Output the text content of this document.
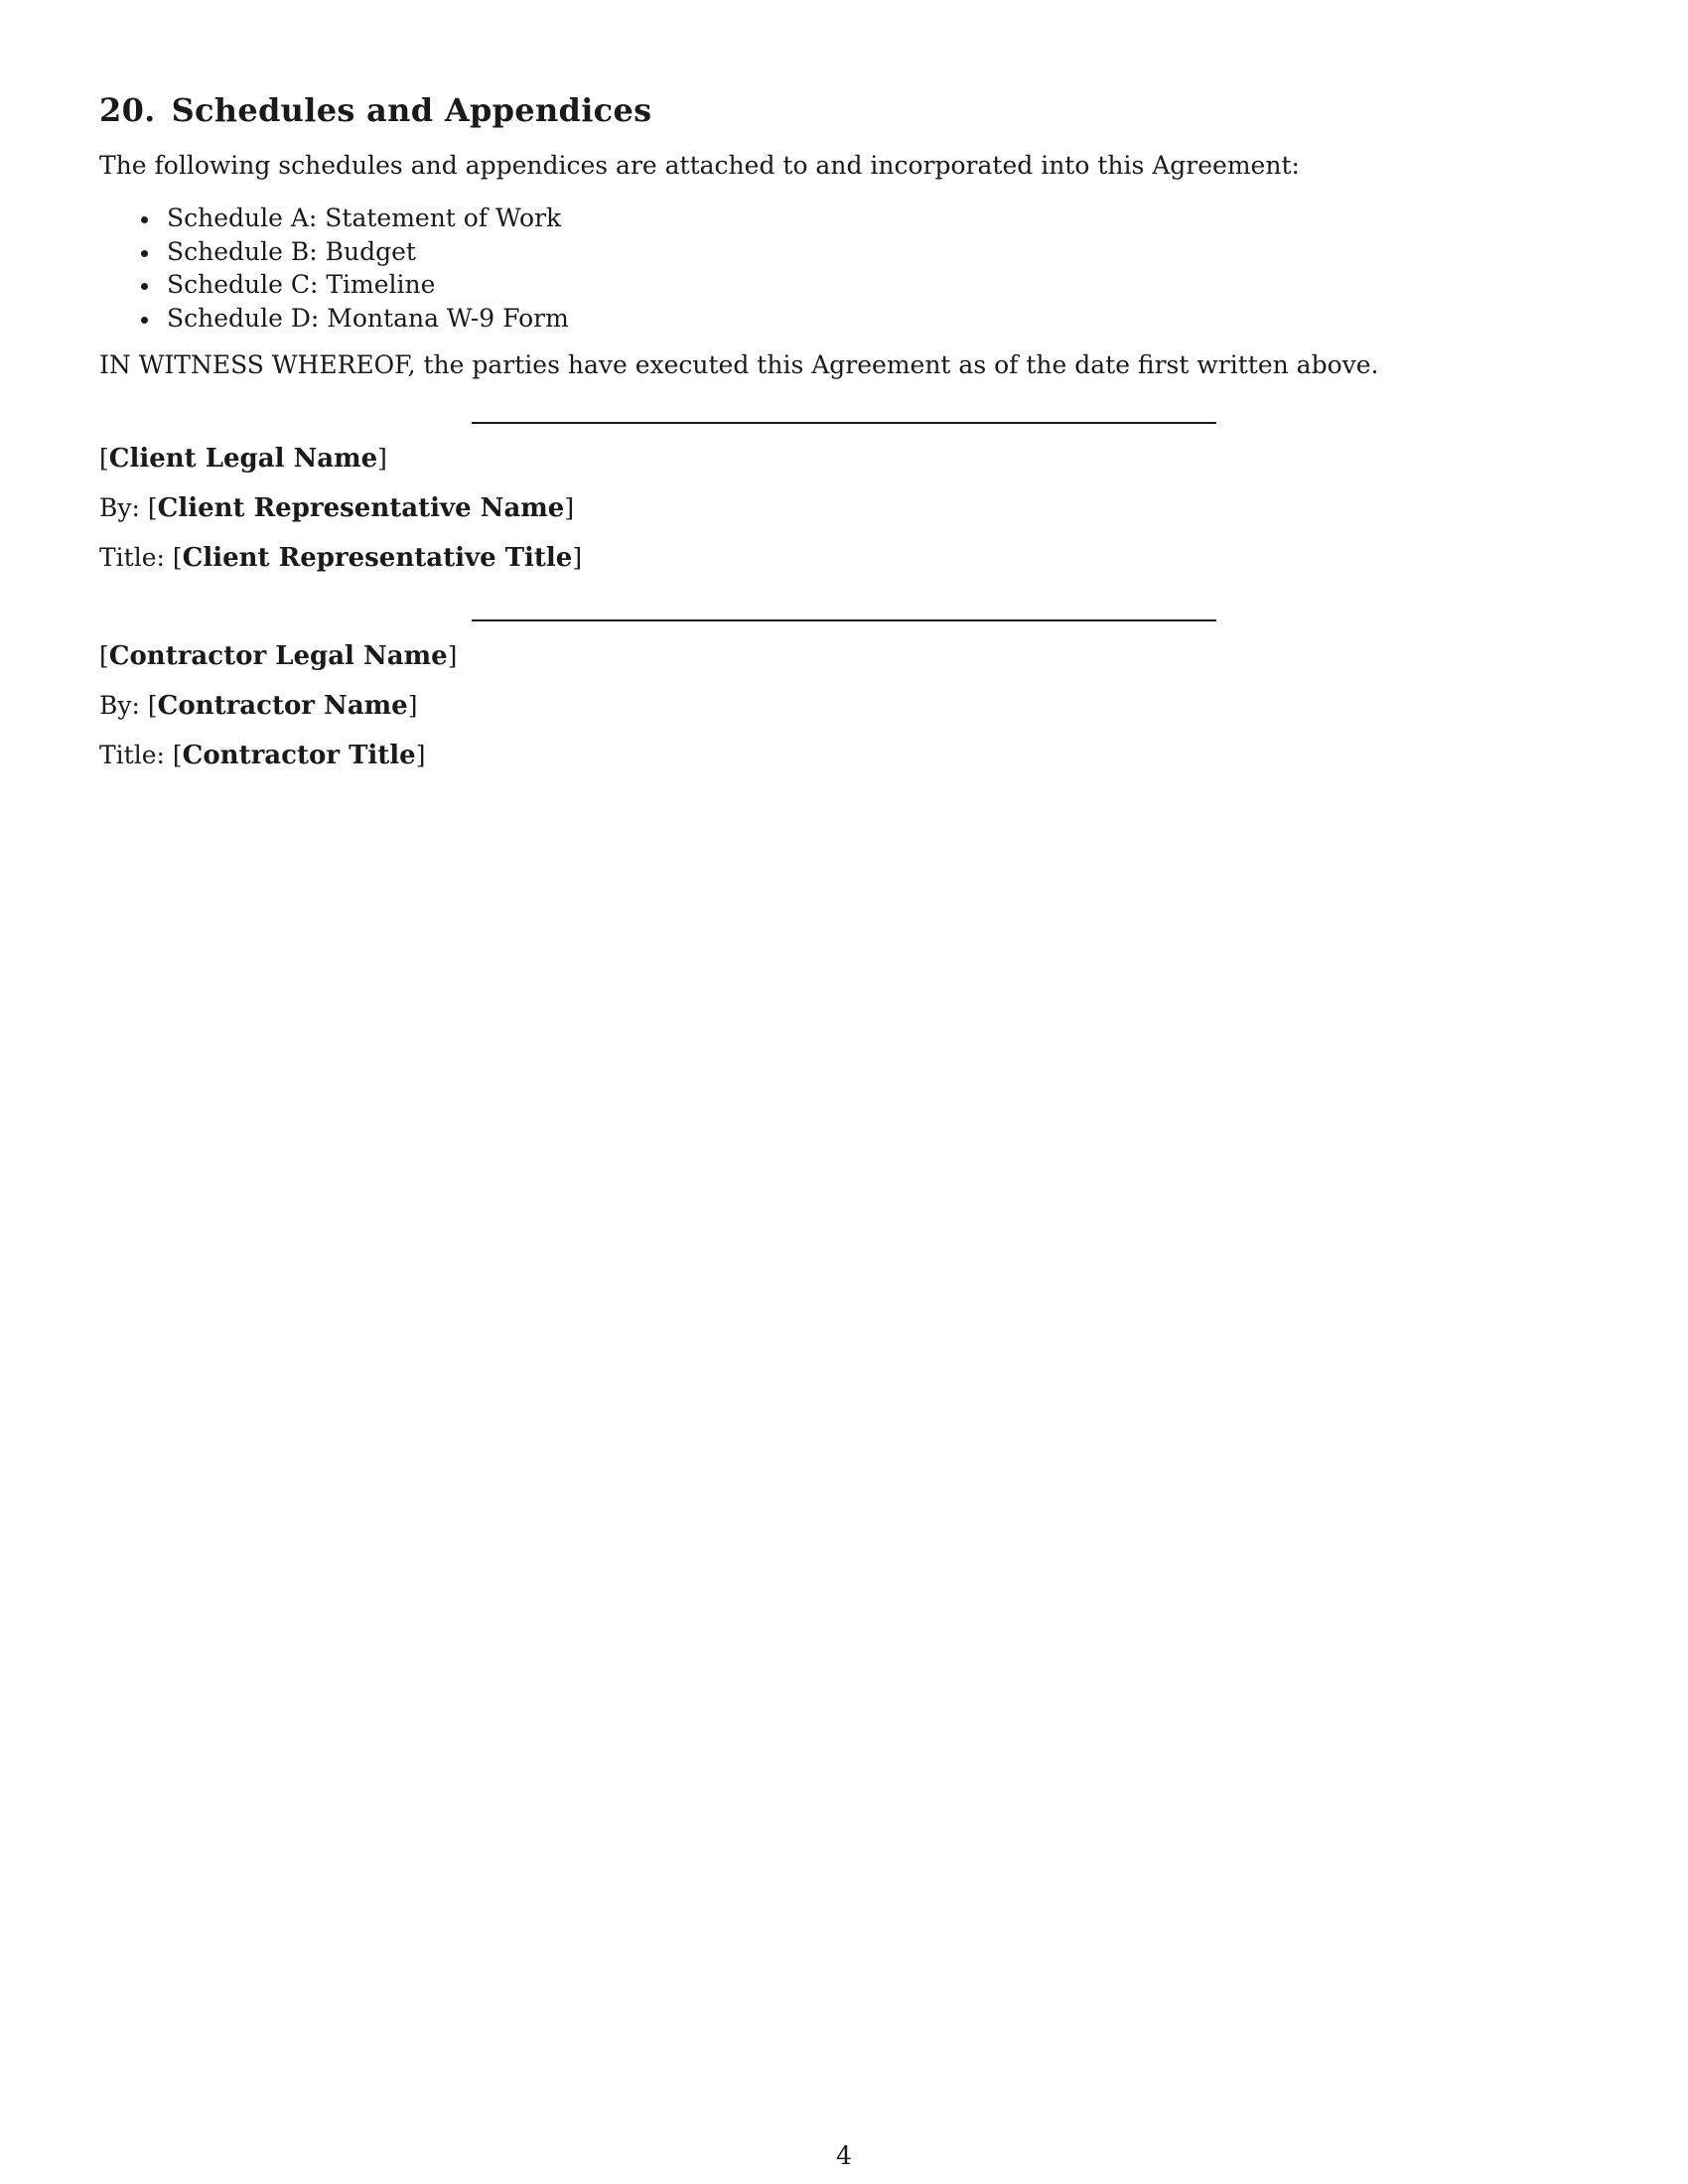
20. Schedules and Appendices

The following schedules and appendices are attached to and incorporated into this Agreement:

Schedule A: Statement of Work
Schedule B: Budget
Schedule C: Timeline
Schedule D: Montana W-9 Form

IN WITNESS WHEREOF, the parties have executed this Agreement as of the date first written above.

[Client Legal Name]

By: [Client Representative Name]

Title: [Client Representative Title]

[Contractor Legal Name]

By: [Contractor Name]

Title: [Contractor Title]

4
